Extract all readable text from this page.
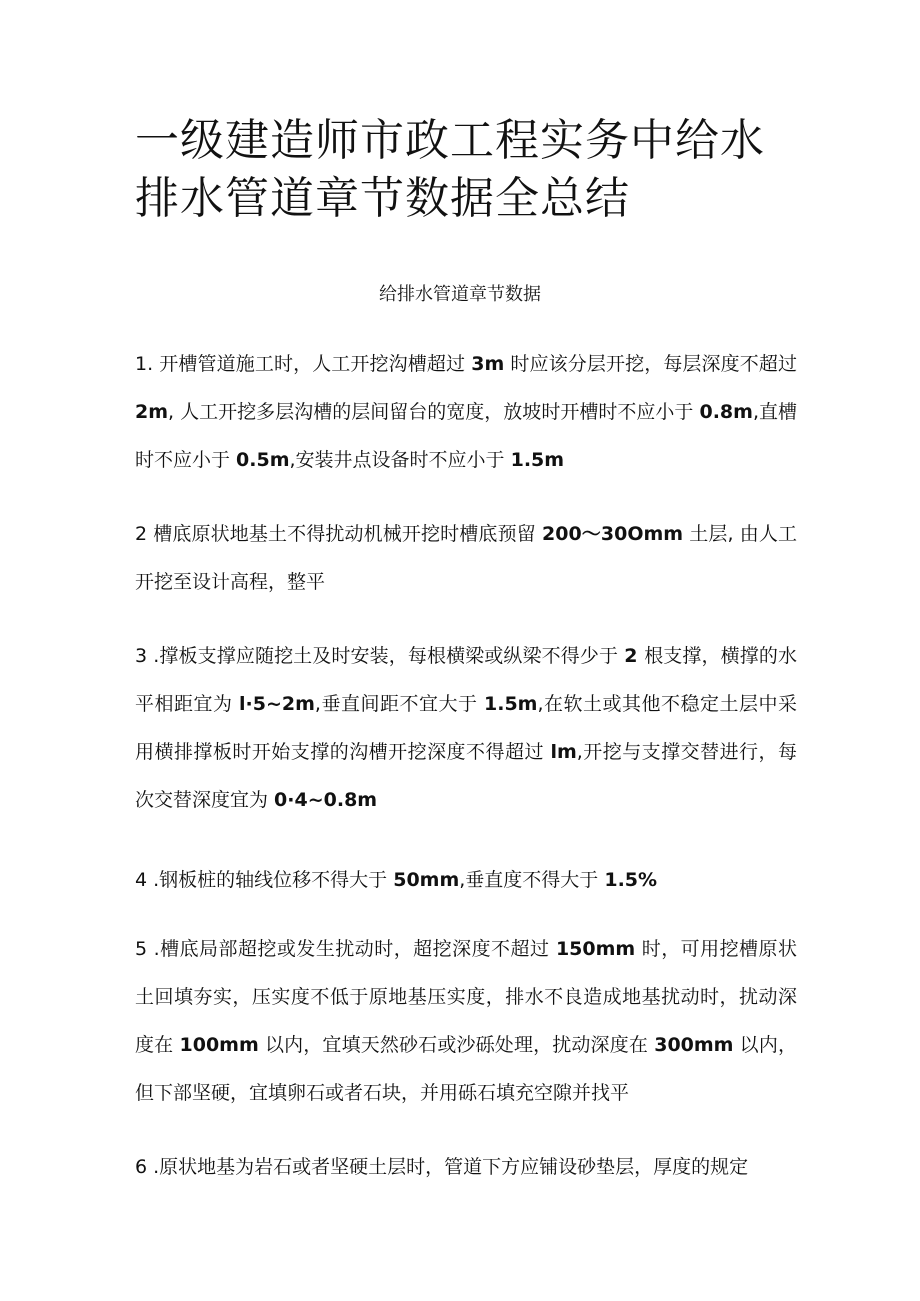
一级建造师市政工程实务中给水排水管道章节数据全总结

给排水管道章节数据

1. 开槽管道施工时，人工开挖沟槽超过 3m 时应该分层开挖，每层深度不超过 2m, 人工开挖多层沟槽的层间留台的宽度，放坡时开槽时不应小于 0.8m,直槽时不应小于 0.5m,安装井点设备时不应小于 1.5m

2 槽底原状地基土不得扰动机械开挖时槽底预留 200～30Omm 土层, 由人工开挖至设计高程，整平

3 .撑板支撑应随挖土及时安装，每根横梁或纵梁不得少于 2 根支撑，横撑的水平相距宜为 l·5~2m,垂直间距不宜大于 1.5m,在软土或其他不稳定土层中采用横排撑板时开始支撑的沟槽开挖深度不得超过 lm,开挖与支撑交替进行，每次交替深度宜为 0·4~0.8m

4 .钢板桩的轴线位移不得大于 50mm,垂直度不得大于 1.5%

5 .槽底局部超挖或发生扰动时，超挖深度不超过 150mm 时，可用挖槽原状土回填夯实，压实度不低于原地基压实度，排水不良造成地基扰动时，扰动深度在 100mm 以内，宜填天然砂石或沙砾处理，扰动深度在 300mm 以内，但下部坚硬，宜填卵石或者石块，并用砾石填充空隙并找平

6 .原状地基为岩石或者坚硬土层时，管道下方应铺设砂垫层，厚度的规定
